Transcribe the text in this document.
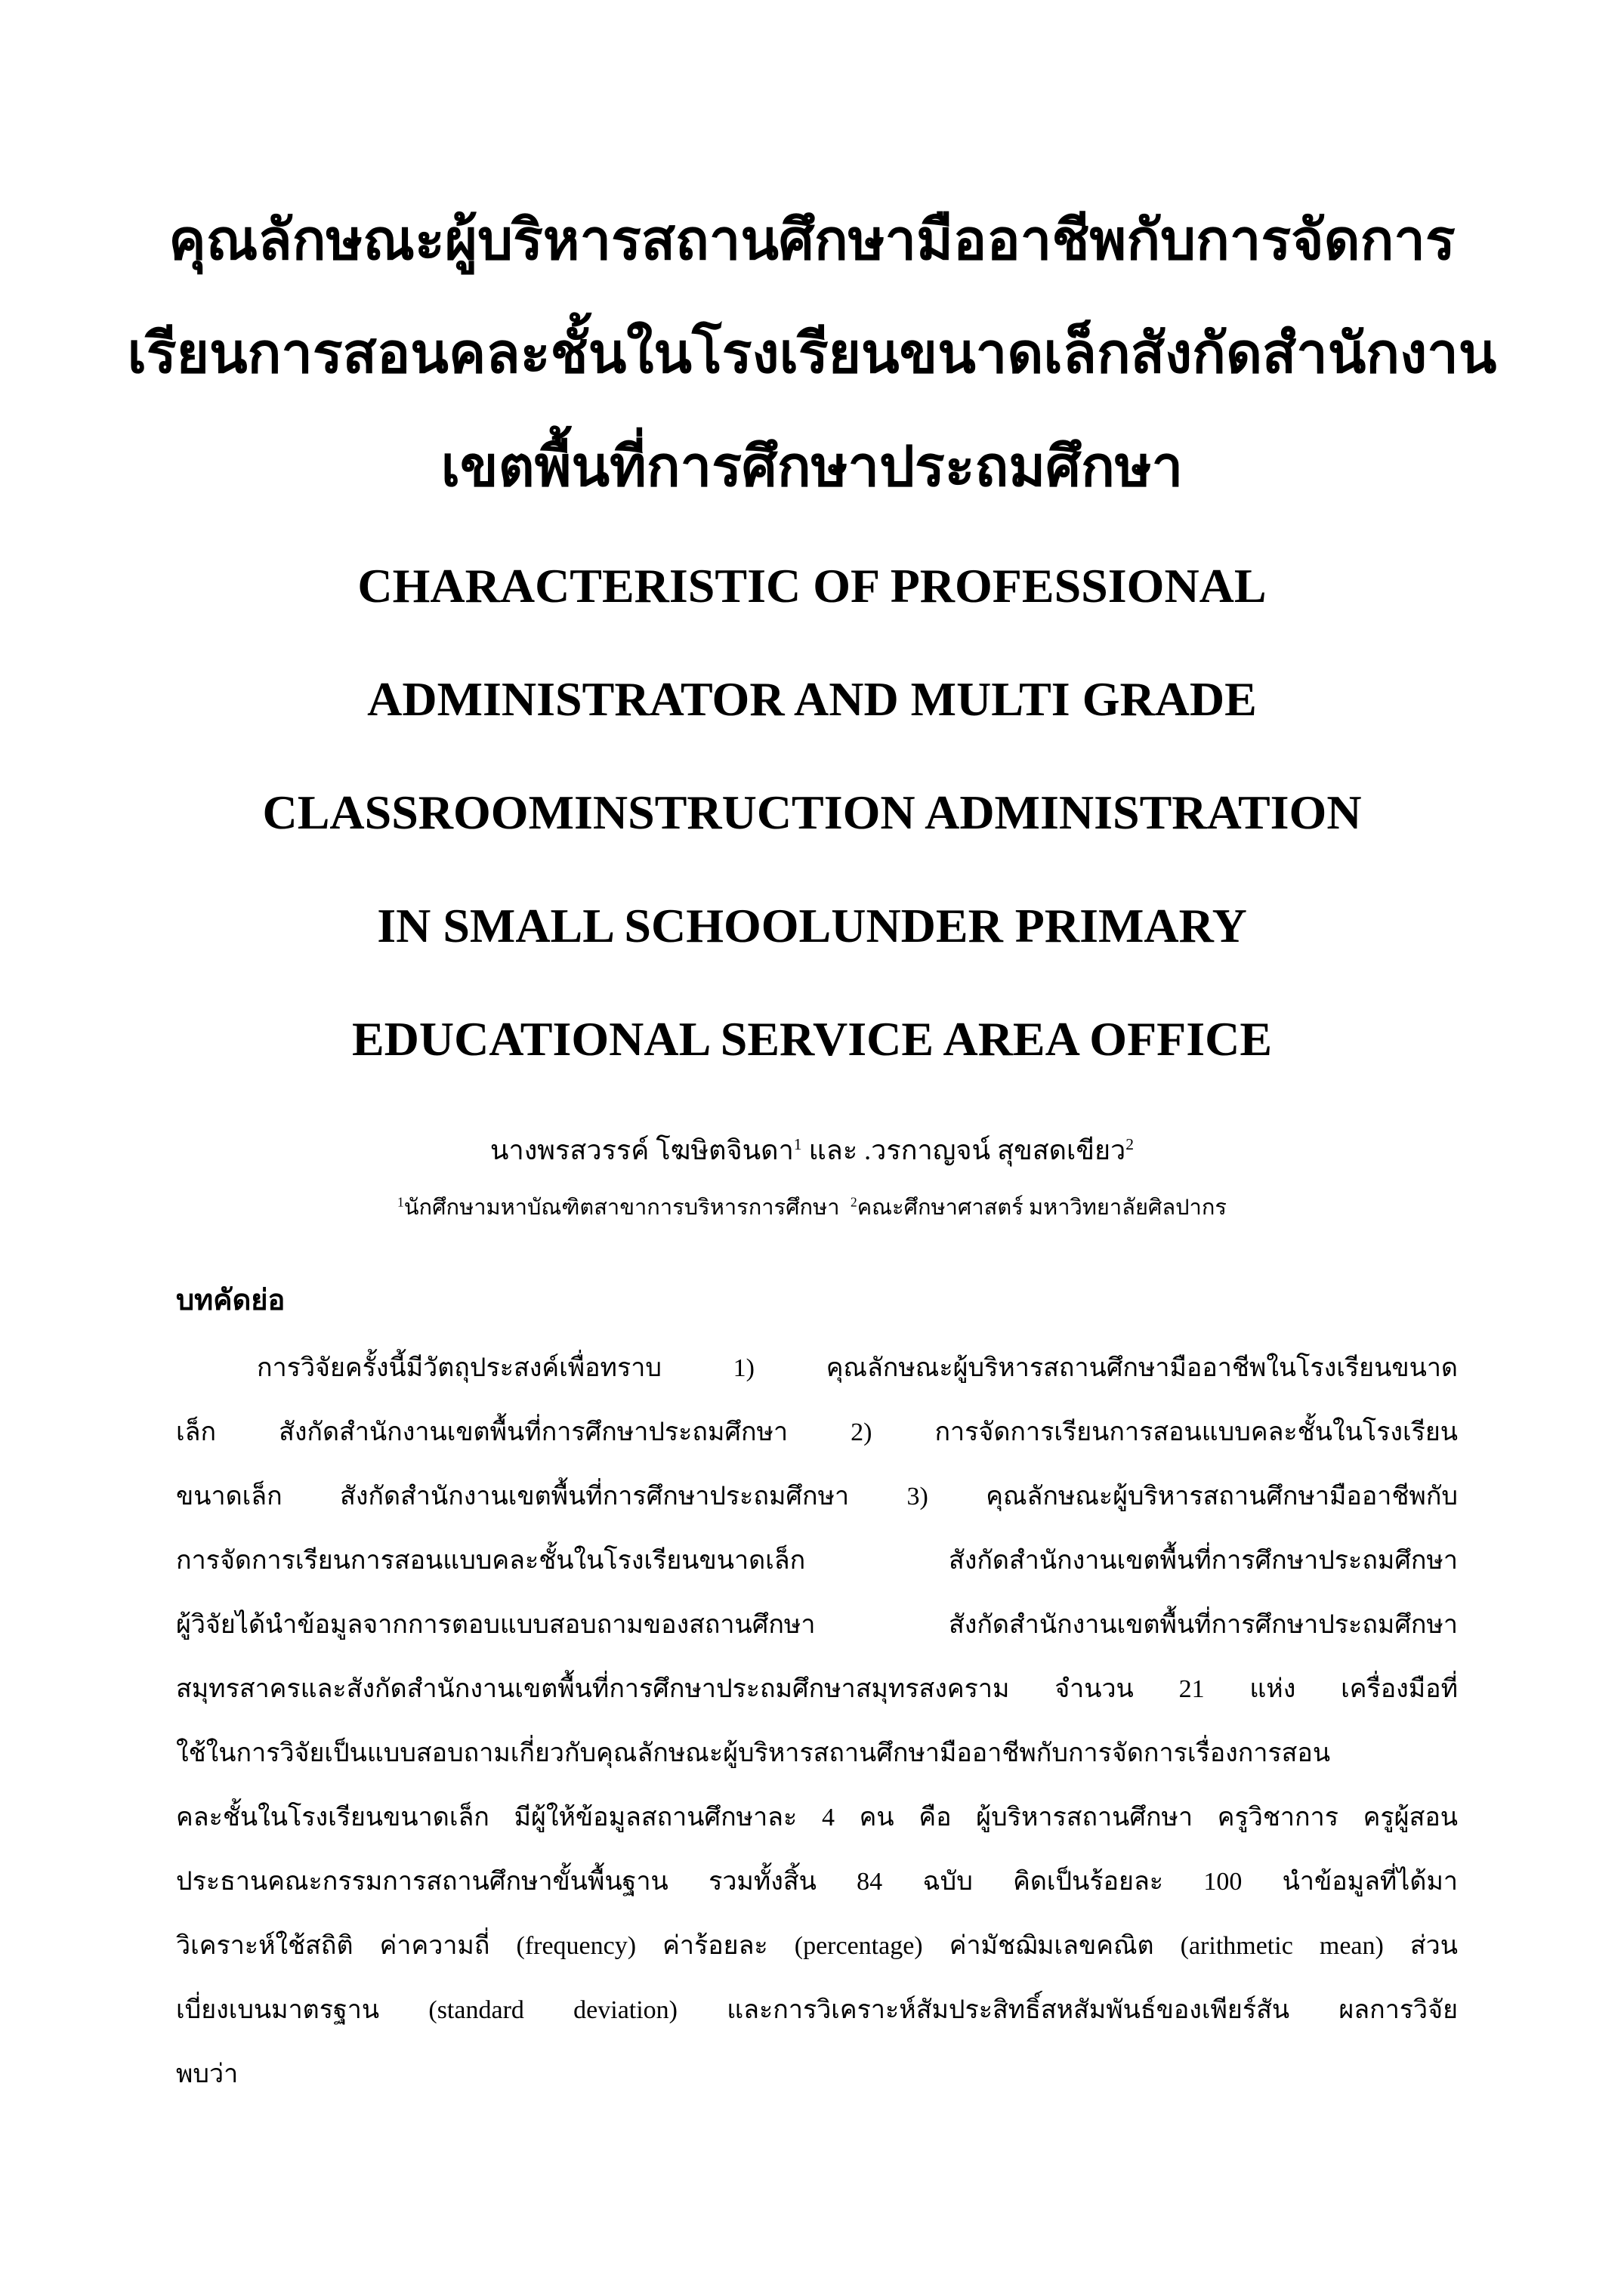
คุณลักษณะผู้บริหารสถานศึกษามืออาชีพกับการจัดการ
เรียนการสอนคละชั้นในโรงเรียนขนาดเล็กสังกัดสำนักงาน
เขตพื้นที่การศึกษาประถมศึกษา
CHARACTERISTIC OF PROFESSIONAL
ADMINISTRATOR AND MULTI GRADE
CLASSROOMINSTRUCTION ADMINISTRATION
IN SMALL SCHOOLUNDER PRIMARY
EDUCATIONAL SERVICE AREA OFFICE
นางพรสวรรค์ โฆษิตจินดา$^1$ และ .วรกาญจน์ สุขสดเขียว$^2$
$^1$นักศึกษามหาบัณฑิตสาขาการบริหารการศึกษา $^2$คณะศึกษาศาสตร์ มหาวิทยาลัยศิลปากร
บทคัดย่อ
การวิจัยครั้งนี้มีวัตถุประสงค์เพื่อทราบ 1) คุณลักษณะผู้บริหารสถานศึกษามืออาชีพในโรงเรียนขนาด
เล็ก สังกัดสำนักงานเขตพื้นที่การศึกษาประถมศึกษา 2) การจัดการเรียนการสอนแบบคละชั้นในโรงเรียน
ขนาดเล็ก สังกัดสำนักงานเขตพื้นที่การศึกษาประถมศึกษา 3) คุณลักษณะผู้บริหารสถานศึกษามืออาชีพกับ
การจัดการเรียนการสอนแบบคละชั้นในโรงเรียนขนาดเล็ก สังกัดสำนักงานเขตพื้นที่การศึกษาประถมศึกษา
ผู้วิจัยได้นำข้อมูลจากการตอบแบบสอบถามของสถานศึกษา สังกัดสำนักงานเขตพื้นที่การศึกษาประถมศึกษา
สมุทรสาครและสังกัดสำนักงานเขตพื้นที่การศึกษาประถมศึกษาสมุทรสงคราม จำนวน 21 แห่ง เครื่องมือที่
ใช้ในการวิจัยเป็นแบบสอบถามเกี่ยวกับคุณลักษณะผู้บริหารสถานศึกษามืออาชีพกับการจัดการเรื่องการสอน
คละชั้นในโรงเรียนขนาดเล็ก มีผู้ให้ข้อมูลสถานศึกษาละ 4 คน คือ ผู้บริหารสถานศึกษา ครูวิชาการ ครูผู้สอน
ประธานคณะกรรมการสถานศึกษาขั้นพื้นฐาน รวมทั้งสิ้น 84 ฉบับ คิดเป็นร้อยละ 100 นำข้อมูลที่ได้มา
วิเคราะห์ใช้สถิติ ค่าความถี่ (frequency) ค่าร้อยละ (percentage) ค่ามัชฌิมเลขคณิต (arithmetic mean) ส่วน
เบี่ยงเบนมาตรฐาน (standard deviation) และการวิเคราะห์สัมประสิทธิ์สหสัมพันธ์ของเพียร์สัน ผลการวิจัย
พบว่า
